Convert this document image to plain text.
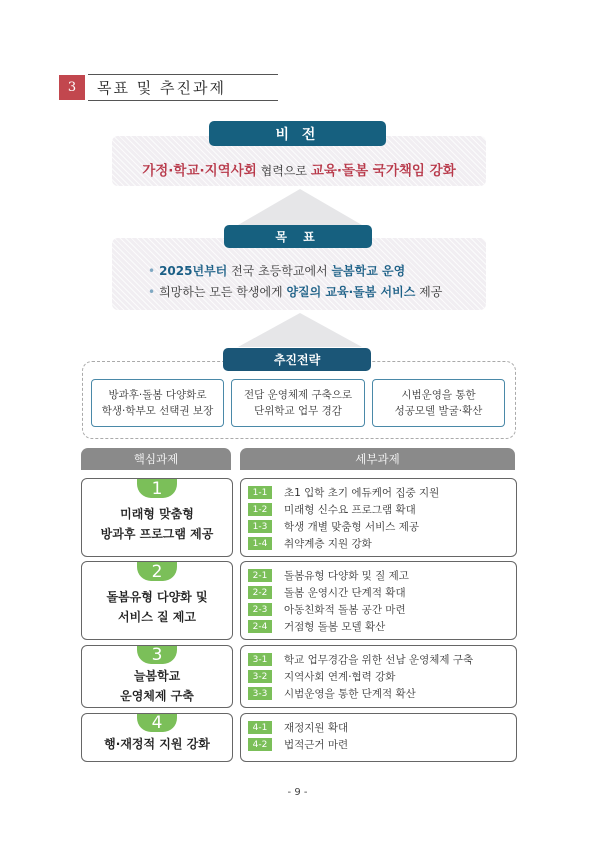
3	목표 및 추진과제
비 전
가정·학교·지역사회 협력으로 교육·돌봄 국가책임 강화
목 표
• 2025년부터 전국 초등학교에서 늘봄학교 운영
• 희망하는 모든 학생에게 양질의 교육·돌봄 서비스 제공
추진전략
방과후·돌봄 다양화로
학생·학부모 선택권 보장
전담 운영체제 구축으로
단위학교 업무 경감
시범운영을 통한
성공모델 발굴·확산
핵심과제	세부과제
1
미래형 맞춤형
방과후 프로그램 제공
1-1	초1 입학 초기 에듀케어 집중 지원
1-2	미래형 신수요 프로그램 확대
1-3	학생 개별 맞춤형 서비스 제공
1-4	취약계층 지원 강화
2
돌봄유형 다양화 및
서비스 질 제고
2-1	돌봄유형 다양화 및 질 제고
2-2	돌봄 운영시간 단계적 확대
2-3	아동친화적 돌봄 공간 마련
2-4	거점형 돌봄 모델 확산
3
늘봄학교
운영체제 구축
3-1	학교 업무경감을 위한 선남 운영체제 구축
3-2	지역사회 연계·협력 강화
3-3	시범운영을 통한 단계적 확산
4
행·재정적 지원 강화
4-1	재정지원 확대
4-2	법적근거 마련
- 9 -
